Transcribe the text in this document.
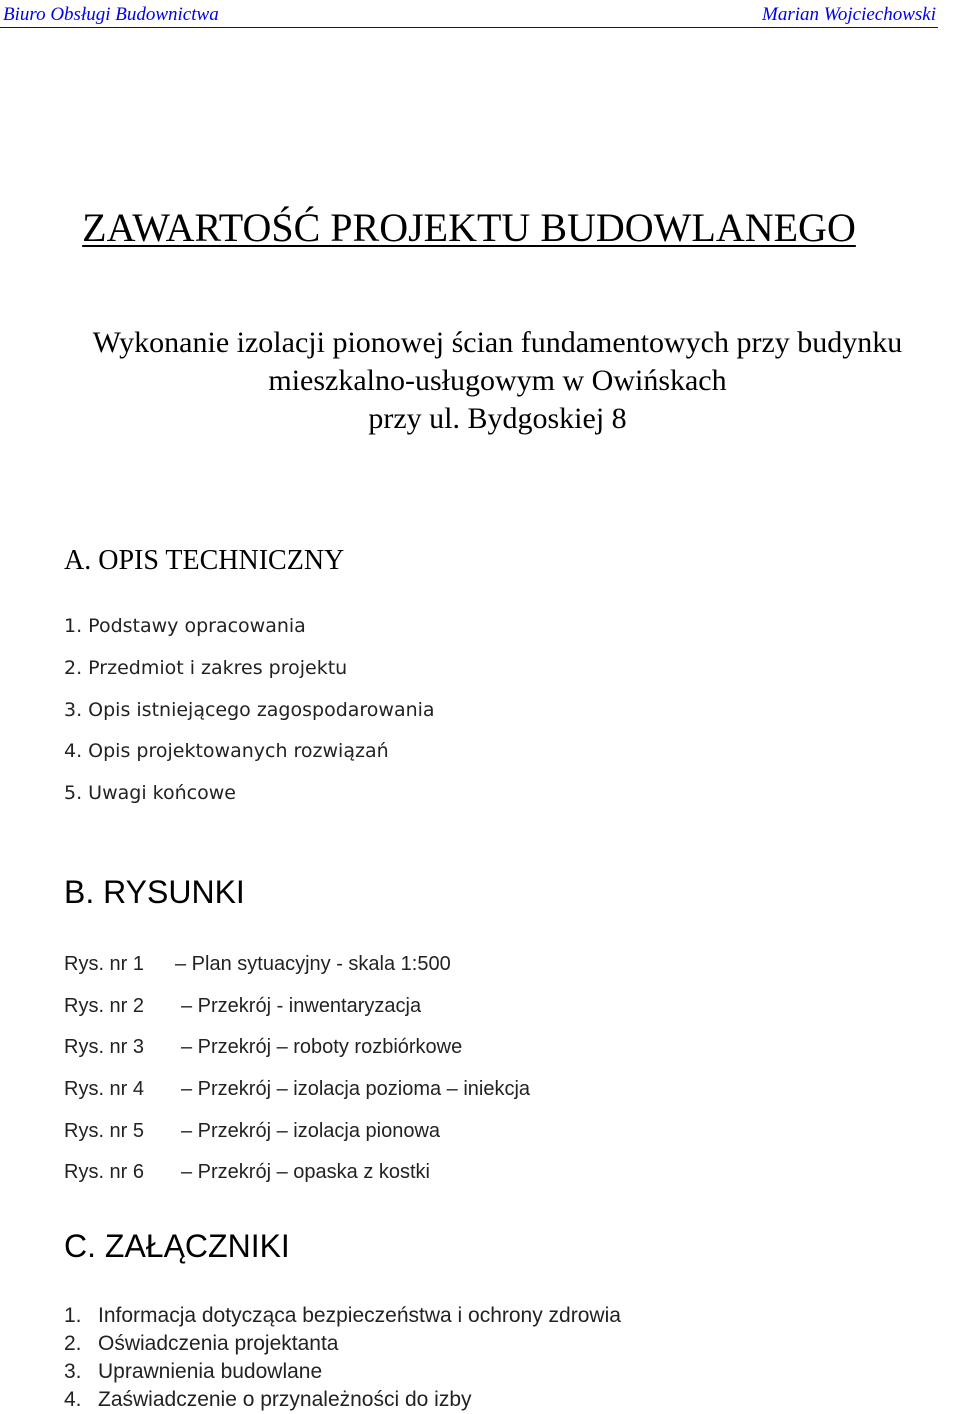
Biuro Obsługi Budownictwa	Marian Wojciechowski
ZAWARTOŚĆ PROJEKTU BUDOWLANEGO
Wykonanie izolacji pionowej ścian fundamentowych przy budynku
mieszkalno-usługowym w Owińskach
przy ul. Bydgoskiej 8
A. OPIS TECHNICZNY
1. Podstawy opracowania
2. Przedmiot i zakres projektu
3. Opis istniejącego zagospodarowania
4. Opis projektowanych rozwiązań
5. Uwagi końcowe
B. RYSUNKI
Rys. nr 1 – Plan sytuacyjny - skala 1:500
Rys. nr 2 – Przekrój - inwentaryzacja
Rys. nr 3 – Przekrój – roboty rozbiórkowe
Rys. nr 4 – Przekrój – izolacja pozioma – iniekcja
Rys. nr 5 – Przekrój – izolacja pionowa
Rys. nr 6 – Przekrój – opaska z kostki
C. ZAŁĄCZNIKI
1. Informacja dotycząca bezpieczeństwa i ochrony zdrowia
2. Oświadczenia projektanta
3. Uprawnienia budowlane
4. Zaświadczenie o przynależności do izby
